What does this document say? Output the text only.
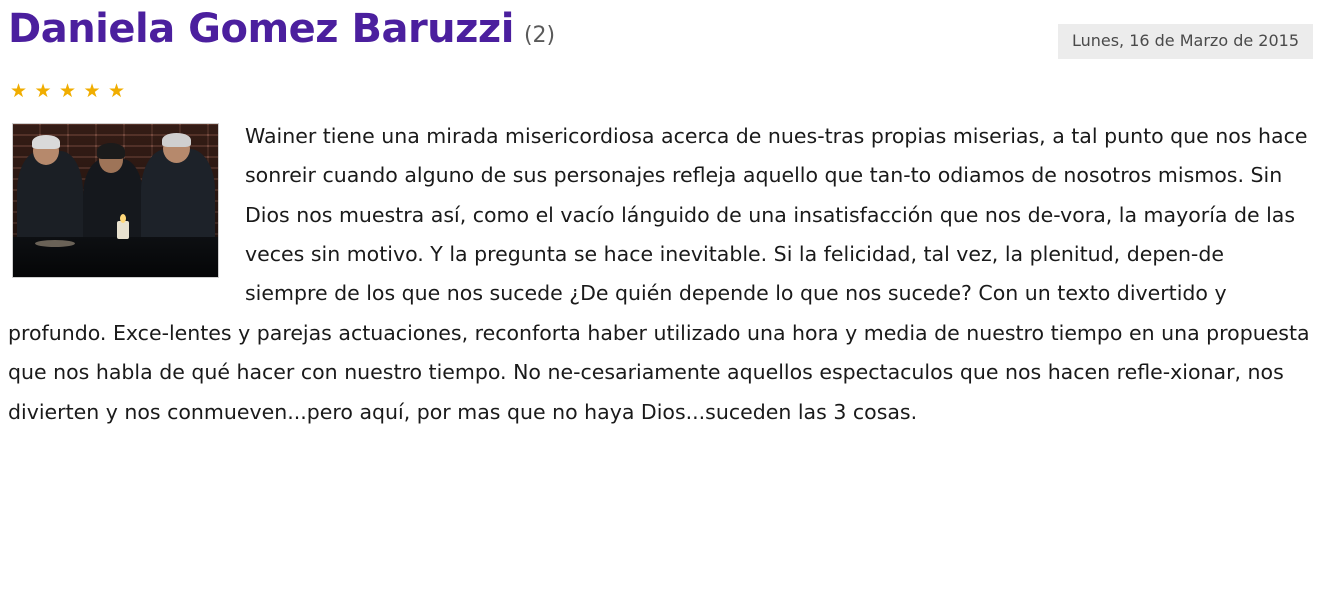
Daniela Gomez Baruzzi (2)	Lunes, 16 de Marzo de 2015
★ ★ ★ ★ ★
Wainer tiene una mirada misericordiosa acerca de nues-tras propias miserias, a tal punto que nos hace sonreir cuando alguno de sus personajes refleja aquello que tan-to odiamos de nosotros mismos. Sin Dios nos muestra así, como el vacío lánguido de una insatisfacción que nos de-vora, la mayoría de las veces sin motivo. Y la pregunta se hace inevitable. Si la felicidad, tal vez, la plenitud, depen-de siempre de los que nos sucede ¿De quién depende lo que nos sucede? Con un texto divertido y profundo. Exce-lentes y parejas actuaciones, reconforta haber utilizado una hora y media de nuestro tiempo en una propuesta que nos habla de qué hacer con nuestro tiempo. No ne-cesariamente aquellos espectaculos que nos hacen refle-xionar, nos divierten y nos conmueven...pero aquí, por mas que no haya Dios...suceden las 3 cosas.
